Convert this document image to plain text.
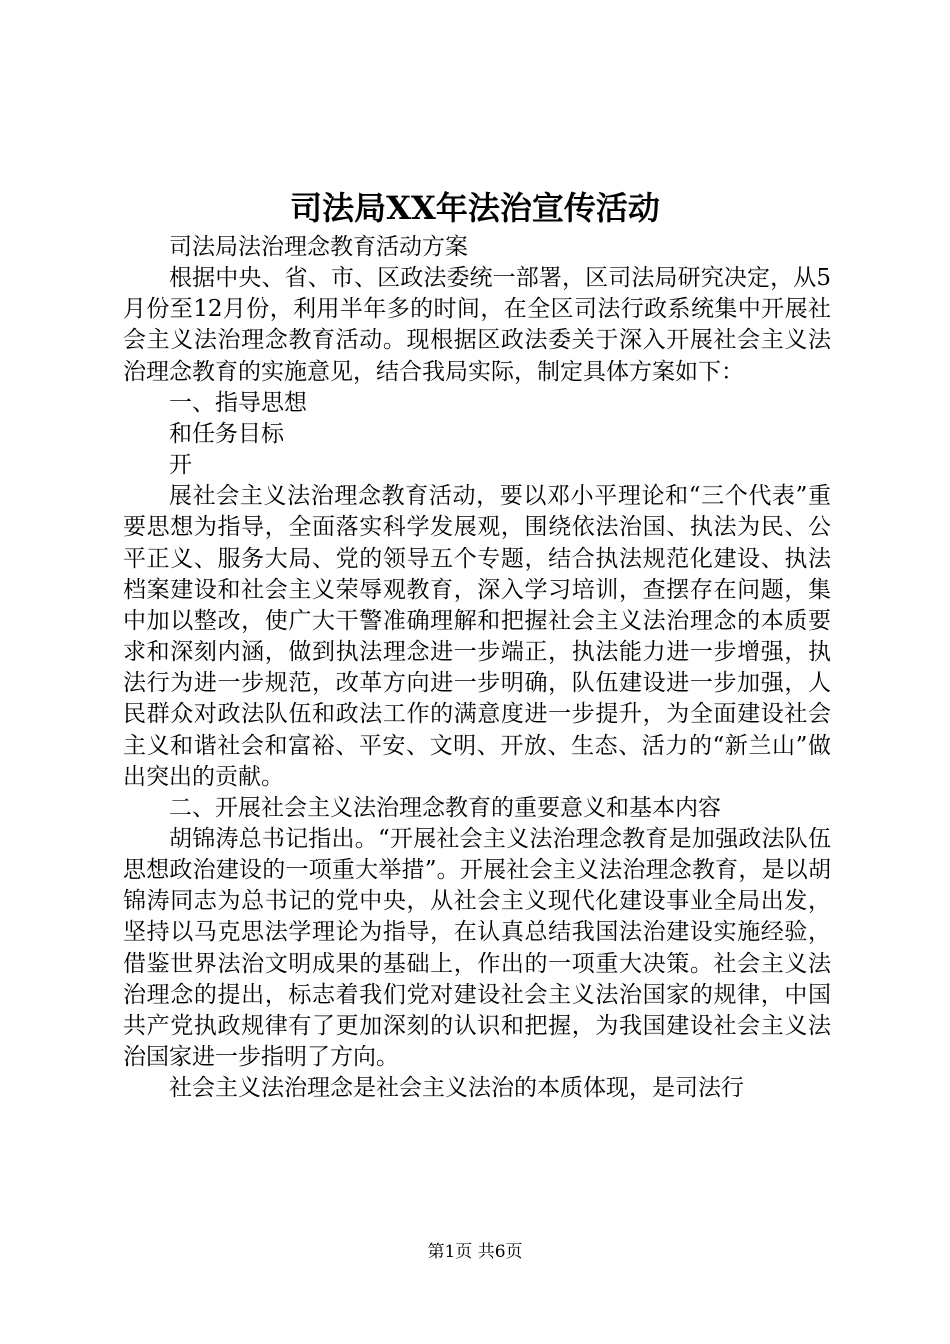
司法局XX年法治宣传活动

司法局法治理念教育活动方案

根据中央、省、市、区政法委统一部署，区司法局研究决定，从5月份至12月份，利用半年多的时间，在全区司法行政系统集中开展社会主义法治理念教育活动。现根据区政法委关于深入开展社会主义法治理念教育的实施意见，结合我局实际，制定具体方案如下：

一、指导思想

和任务目标

开

展社会主义法治理念教育活动，要以邓小平理论和“三个代表”重要思想为指导，全面落实科学发展观，围绕依法治国、执法为民、公平正义、服务大局、党的领导五个专题，结合执法规范化建设、执法档案建设和社会主义荣辱观教育，深入学习培训，查摆存在问题，集中加以整改，使广大干警准确理解和把握社会主义法治理念的本质要求和深刻内涵，做到执法理念进一步端正，执法能力进一步增强，执法行为进一步规范，改革方向进一步明确，队伍建设进一步加强，人民群众对政法队伍和政法工作的满意度进一步提升，为全面建设社会主义和谐社会和富裕、平安、文明、开放、生态、活力的“新兰山”做出突出的贡献。

二、开展社会主义法治理念教育的重要意义和基本内容

胡锦涛总书记指出。“开展社会主义法治理念教育是加强政法队伍思想政治建设的一项重大举措”。开展社会主义法治理念教育，是以胡锦涛同志为总书记的党中央，从社会主义现代化建设事业全局出发，坚持以马克思法学理论为指导，在认真总结我国法治建设实施经验，借鉴世界法治文明成果的基础上，作出的一项重大决策。社会主义法治理念的提出，标志着我们党对建设社会主义法治国家的规律，中国共产党执政规律有了更加深刻的认识和把握，为我国建设社会主义法治国家进一步指明了方向。

社会主义法治理念是社会主义法治的本质体现，是司法行

第1页 共6页
